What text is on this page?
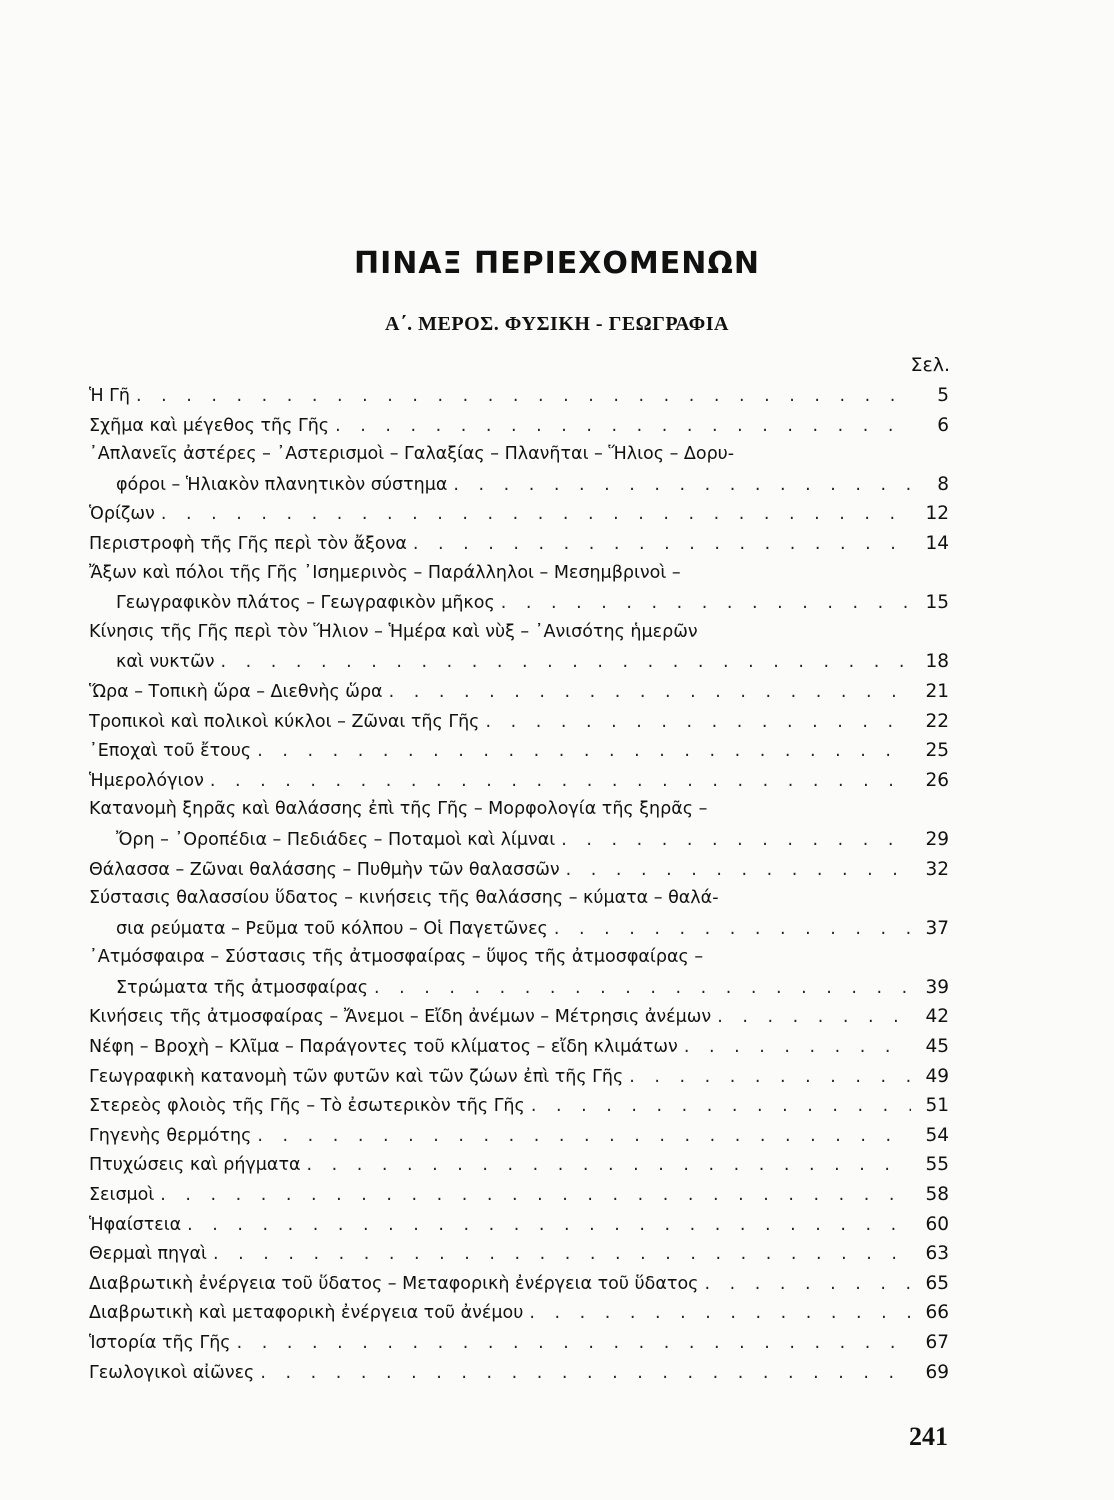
ΠΙΝΑΞ ΠΕΡΙΕΧΟΜΕΝΩΝ
Α΄. ΜΕΡΟΣ. ΦΥΣΙΚΗ - ΓΕΩΓΡΑΦΙΑ
Σελ.
Ἡ Γῆ . . .	5
Σχῆμα καὶ μέγεθος τῆς Γῆς . . .	6
᾿Απλανεῖς ἀστέρες – ᾿Αστερισμοὶ – Γαλαξίας – Πλανῆται – Ἥλιος – Δορυ-
φόροι – Ἡλιακὸν πλανητικὸν σύστημα . . .	8
Ὁρίζων . . .	12
Περιστροφὴ τῆς Γῆς περὶ τὸν ἄξονα . . .	14
Ἄξων καὶ πόλοι τῆς Γῆς ᾿Ισημερινὸς – Παράλληλοι – Μεσημβρινοὶ –
Γεωγραφικὸν πλάτος – Γεωγραφικὸν μῆκος . . .	15
Κίνησις τῆς Γῆς περὶ τὸν Ἥλιον – Ἡμέρα καὶ νὺξ – ᾿Ανισότης ἡμερῶν
καὶ νυκτῶν . . .	18
Ὥρα – Τοπικὴ ὥρα – Διεθνὴς ὥρα . . .	21
Τροπικοὶ καὶ πολικοὶ κύκλοι – Ζῶναι τῆς Γῆς . . .	22
᾿Εποχαὶ τοῦ ἔτους . . .	25
Ἡμερολόγιον . . .	26
Κατανομὴ ξηρᾶς καὶ θαλάσσης ἐπὶ τῆς Γῆς – Μορφολογία τῆς ξηρᾶς –
Ὄρη – ᾿Οροπέδια – Πεδιάδες – Ποταμοὶ καὶ λίμναι . . .	29
Θάλασσα – Ζῶναι θαλάσσης – Πυθμὴν τῶν θαλασσῶν . . .	32
Σύστασις θαλασσίου ὕδατος – κινήσεις τῆς θαλάσσης – κύματα – θαλά-
σια ρεύματα – Ρεῦμα τοῦ κόλπου – Οἱ Παγετῶνες . . .	37
᾿Ατμόσφαιρα – Σύστασις τῆς ἀτμοσφαίρας – ὕψος τῆς ἀτμοσφαίρας –
Στρώματα τῆς ἀτμοσφαίρας . . .	39
Κινήσεις τῆς ἀτμοσφαίρας – Ἄνεμοι – Εἴδη ἀνέμων – Μέτρησις ἀνέμων . . .	42
Νέφη – Βροχὴ – Κλῖμα – Παράγοντες τοῦ κλίματος – εἴδη κλιμάτων . . .	45
Γεωγραφικὴ κατανομὴ τῶν φυτῶν καὶ τῶν ζώων ἐπὶ τῆς Γῆς . . .	49
Στερεὸς φλοιὸς τῆς Γῆς – Τὸ ἐσωτερικὸν τῆς Γῆς . . .	51
Γηγενὴς θερμότης . . .	54
Πτυχώσεις καὶ ρήγματα . . .	55
Σεισμοὶ . . .	58
Ἡφαίστεια . . .	60
Θερμαὶ πηγαὶ . . .	63
Διαβρωτικὴ ἐνέργεια τοῦ ὕδατος – Μεταφορικὴ ἐνέργεια τοῦ ὕδατος . . .	65
Διαβρωτικὴ καὶ μεταφορικὴ ἐνέργεια τοῦ ἀνέμου . . .	66
Ἱστορία τῆς Γῆς . . .	67
Γεωλογικοὶ αἰῶνες . . .	69
241
